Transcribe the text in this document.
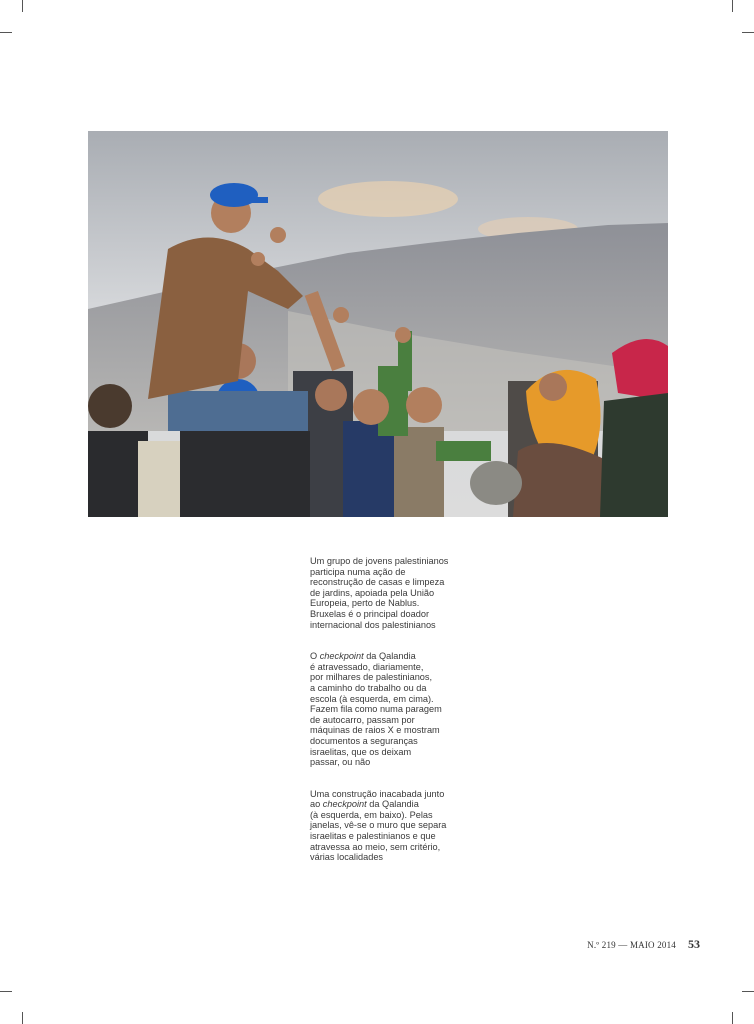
Um grupo de jovens palestinianos
participa numa ação de
reconstrução de casas e limpeza
de jardins, apoiada pela União
Europeia, perto de Nablus.
Bruxelas é o principal doador
internacional dos palestinianos

O checkpoint da Qalandia
é atravessado, diariamente,
por milhares de palestinianos,
a caminho do trabalho ou da
escola (à esquerda, em cima).
Fazem fila como numa paragem
de autocarro, passam por
máquinas de raios X e mostram
documentos a seguranças
israelitas, que os deixam
passar, ou não

Uma construção inacabada junto
ao checkpoint da Qalandia
(à esquerda, em baixo). Pelas
janelas, vê-se o muro que separa
israelitas e palestinianos e que
atravessa ao meio, sem critério,
várias localidades

N.º 219 — MAIO 2014 53
